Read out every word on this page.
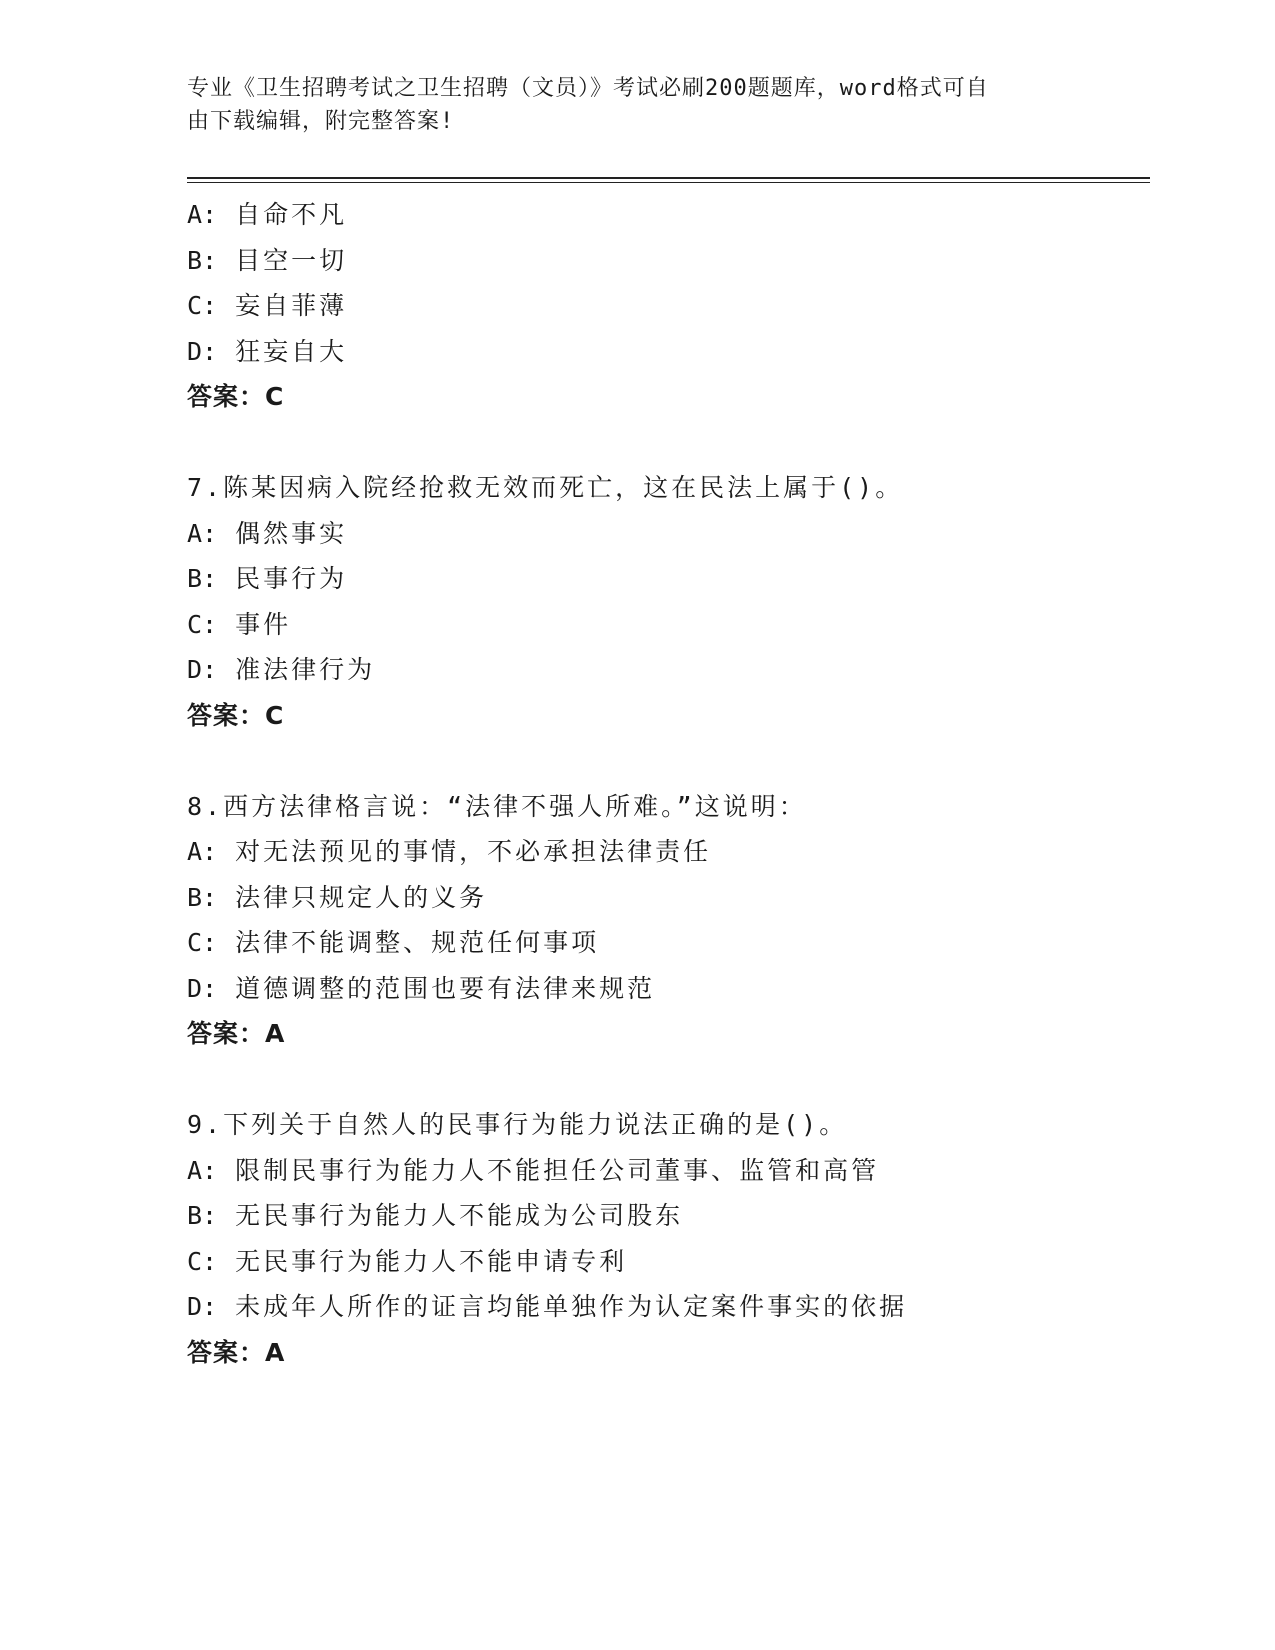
专业《卫生招聘考试之卫生招聘（文员）》考试必刷200题题库，word格式可自
由下载编辑，附完整答案!
A: 自命不凡
B: 目空一切
C: 妄自菲薄
D: 狂妄自大
答案：C
7.陈某因病入院经抢救无效而死亡，这在民法上属于()。
A: 偶然事实
B: 民事行为
C: 事件
D: 准法律行为
答案：C
8.西方法律格言说：“法律不强人所难。”这说明：
A: 对无法预见的事情，不必承担法律责任
B: 法律只规定人的义务
C: 法律不能调整、规范任何事项
D: 道德调整的范围也要有法律来规范
答案：A
9.下列关于自然人的民事行为能力说法正确的是()。
A: 限制民事行为能力人不能担任公司董事、监管和高管
B: 无民事行为能力人不能成为公司股东
C: 无民事行为能力人不能申请专利
D: 未成年人所作的证言均能单独作为认定案件事实的依据
答案：A
